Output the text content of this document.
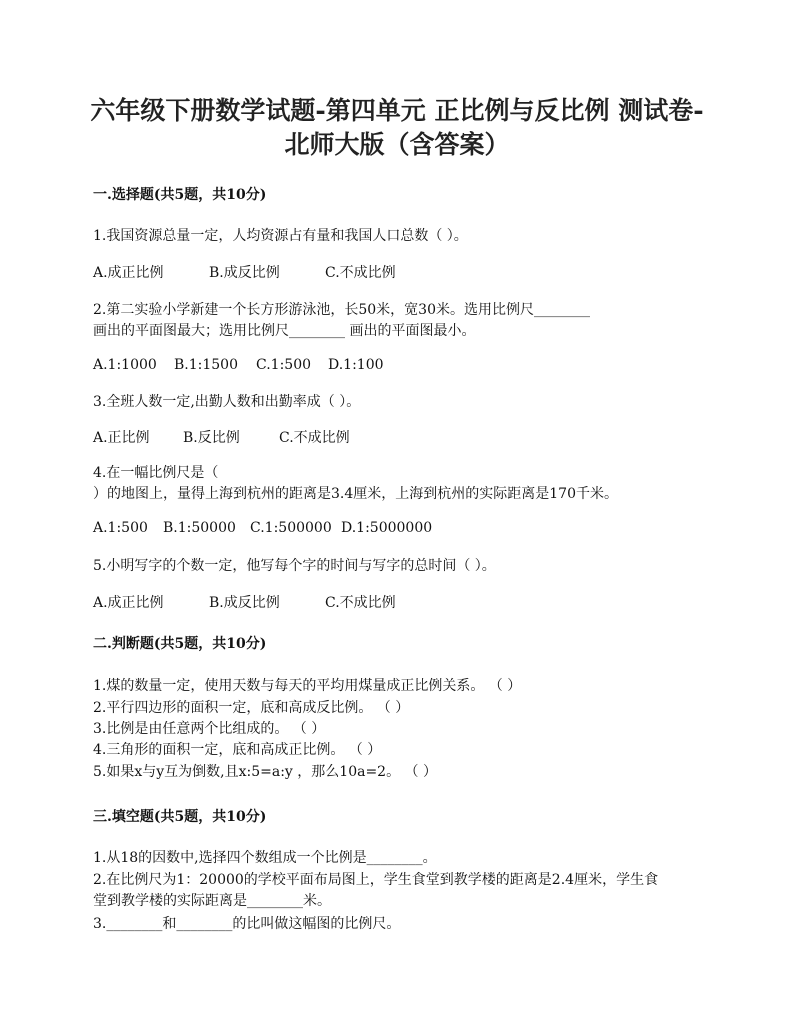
六年级下册数学试题-第四单元 正比例与反比例 测试卷-
北师大版（含答案）
一.选择题(共5题，共10分)
1.我国资源总量一定，人均资源占有量和我国人口总数（ ）。
A.成正比例	B.成反比例	C.不成比例
2.第二实验小学新建一个长方形游泳池，长50米，宽30米。选用比例尺________
画出的平面图最大；选用比例尺________ 画出的平面图最小。
A.1:1000 B.1:1500 C.1:500 D.1:100
3.全班人数一定,出勤人数和出勤率成（ ）。
A.正比例 B.反比例	C.不成比例
4.在一幅比例尺是（
）的地图上，量得上海到杭州的距离是3.4厘米，上海到杭州的实际距离是170千米。
A.1:500 B.1:50000 C.1:500000 D.1:5000000
5.小明写字的个数一定，他写每个字的时间与写字的总时间（ ）。
A.成正比例	B.成反比例	C.不成比例
二.判断题(共5题，共10分)
1.煤的数量一定，使用天数与每天的平均用煤量成正比例关系。 （ ）
2.平行四边形的面积一定，底和高成反比例。 （ ）
3.比例是由任意两个比组成的。 （ ）
4.三角形的面积一定，底和高成正比例。 （ ）
5.如果x与y互为倒数,且x:5=a:y ，那么10a=2。 （ ）
三.填空题(共5题，共10分)
1.从18的因数中,选择四个数组成一个比例是________。
2.在比例尺为1：20000的学校平面布局图上，学生食堂到教学楼的距离是2.4厘米，学生食
堂到教学楼的实际距离是________米。
3.________和________的比叫做这幅图的比例尺。
